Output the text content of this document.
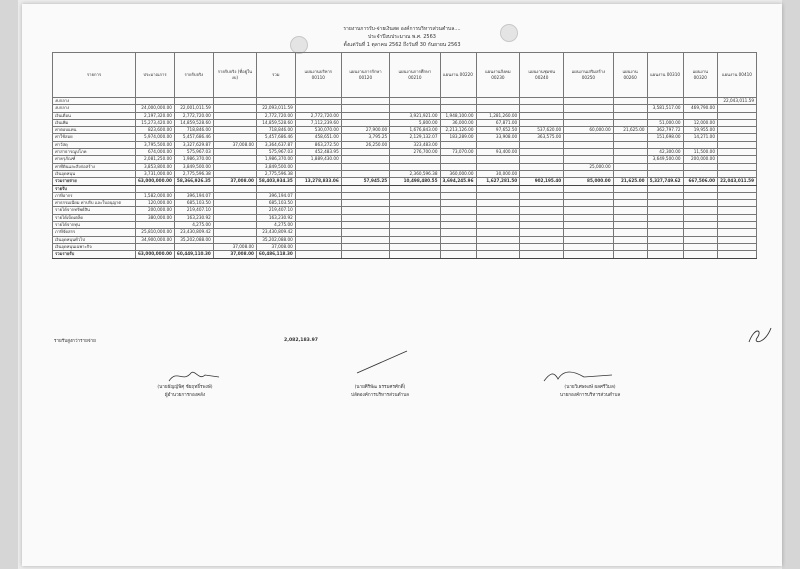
รายงานการรับ-จ่ายเงินสด องค์การบริหารส่วนตำบล....
ประจำปีงบประมาณ พ.ศ. 2563
ตั้งแต่วันที่ 1 ตุลาคม 2562 ถึงวันที่ 30 กันยายน 2563
รายการ	ประมาณการ	รายรับจริง	รายรับจริง (ที่อยู่ในงบ)	รวม	แผนงานบริหาร 00110	แผนงานการรักษา 00120	แผนงานการศึกษา 00210	แผนงาน 00220	แผนงานสังคม 00230	แผนงานชุมชน 00240	แผนงานเสริมสร้าง 00250	แผนงาน 00260	แผนงาน 00310	แผนงาน 00320	แผนงาน 00410
งบกลาง															22,043,011.59
งบกลาง	24,000,000.00	22,001,011.59		22,093,011.59									3,581,517.00	469,790.00	
เงินเดือน	2,197,320.00	2,772,720.00		2,772,720.00	2,772,720.00		3,921,921.00	1,948,100.00	1,281,260.00						
เงินเพิ่ม	15,273,420.00	14,859,528.60		14,859,528.60	7,112,239.60		5,800.00	36,000.00	67,871.00				51,000.00	12,000.00	
ค่าตอบแทน	823,600.00	718,846.00		718,846.00	530,070.00	27,900.00	1,676,843.00	2,213,126.00	97,652.50	537,620.00	60,000.00	21,625.00	362,797.72	19,955.00	
ค่าใช้สอย	5,974,000.00	5,457,686.46		5,457,686.46	458,651.00	3,795.25	2,129,132.07	183,289.00	33,908.00	363,575.00			151,698.00	14,271.00	
ค่าวัสดุ	3,795,500.00	3,327,629.87	37,008.00	3,364,637.87	863,272.50	26,250.00	323,483.00								
ค่าสาธารณูปโภค	674,000.00	575,967.03		575,967.03	452,483.95		276,700.00	73,070.00	93,400.00				42,300.00	11,500.00	
ค่าครุภัณฑ์	2,081,250.00	1,986,370.00		1,986,370.00	1,889,430.00								3,649,500.00	200,000.00	
ค่าที่ดินและสิ่งก่อสร้าง	3,853,800.00	3,849,500.00		3,849,500.00							25,000.00				
เงินอุดหนุน	3,731,000.00	2,775,596.38		2,775,596.38			2,360,596.38	360,000.00	30,000.00						
รวมรายจ่าย	63,000,000.00	58,366,926.35	37,008.00	58,403,934.35	13,278,833.06	57,945.25	10,498,480.55	3,694,245.96	1,627,281.50	902,195.40	85,000.00	21,625.00	5,327,749.62	667,506.00	22,043,011.59
รายรับ															
ภาษีอากร	1,582,000.00	396,194.07		396,194.07											
ค่าธรรมเนียม ค่าปรับ และใบอนุญาต	120,000.00	685,103.50		685,103.50											
รายได้จากทรัพย์สิน	200,000.00	219,407.10		219,407.10											
รายได้เบ็ดเตล็ด	380,000.00	163,230.92		163,230.92											
รายได้จากทุน		4,275.00		4,275.00											
ภาษีจัดสรร	25,810,000.00	23,430,809.42		23,430,809.42											
เงินอุดหนุนทั่วไป	34,900,000.00	35,202,088.00		35,202,088.00											
เงินอุดหนุนเฉพาะกิจ			37,008.00	37,008.00											
รวมรายรับ	63,000,000.00	60,449,110.30	37,008.00	60,486,118.30											
รายรับสูงกว่ารายจ่าย	2,082,183.97
(นายธัญญ์พิศุ ชัยฤทธิ์รพงษ์)
ผู้อำนวยการกองคลัง
(นายศิริพัฒ ธรรมศรศักดิ์)
ปลัดองค์การบริหารส่วนตำบล
(นายวิเศษพงษ์ ผลศรีวิมล)
นายกองค์การบริหารส่วนตำบล
